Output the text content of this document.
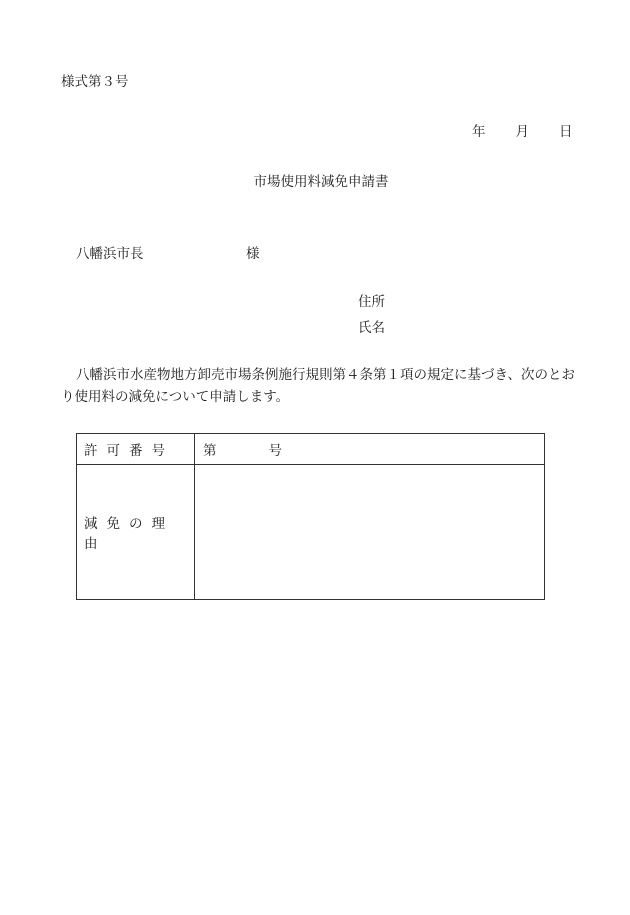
様式第３号
年 月 日
市場使用料減免申請書
八幡浜市長	様
住所
氏名
八幡浜市水産物地方卸売市場条例施行規則第４条第１項の規定に基づき、次のとおり使用料の減免について申請します。
許可番号	第 号
減免の理由	
